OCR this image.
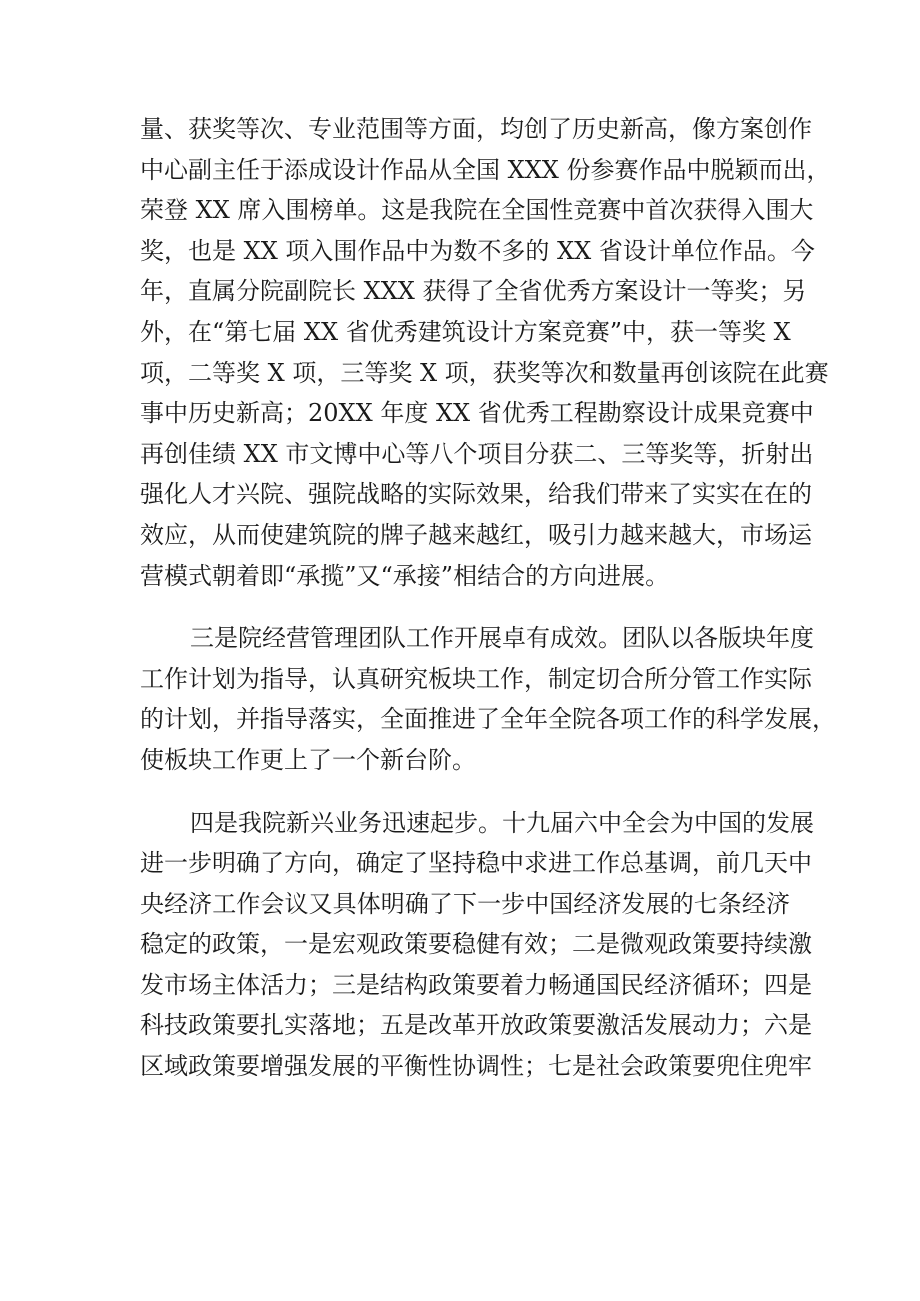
量、获奖等次、专业范围等方面，均创了历史新高，像方案创作
中心副主任于添成设计作品从全国 XXX 份参赛作品中脱颖而出，
荣登 XX 席入围榜单。这是我院在全国性竞赛中首次获得入围大
奖，也是 XX 项入围作品中为数不多的 XX 省设计单位作品。今
年，直属分院副院长 XXX 获得了全省优秀方案设计一等奖；另
外，在“第七届 XX 省优秀建筑设计方案竞赛”中，获一等奖 X
项，二等奖 X 项，三等奖 X 项，获奖等次和数量再创该院在此赛
事中历史新高；20XX 年度 XX 省优秀工程勘察设计成果竞赛中
再创佳绩 XX 市文博中心等八个项目分获二、三等奖等，折射出
强化人才兴院、强院战略的实际效果，给我们带来了实实在在的
效应，从而使建筑院的牌子越来越红，吸引力越来越大，市场运
营模式朝着即“承揽”又“承接”相结合的方向进展。
三是院经营管理团队工作开展卓有成效。团队以各版块年度
工作计划为指导，认真研究板块工作，制定切合所分管工作实际
的计划，并指导落实，全面推进了全年全院各项工作的科学发展，
使板块工作更上了一个新台阶。
四是我院新兴业务迅速起步。十九届六中全会为中国的发展
进一步明确了方向，确定了坚持稳中求进工作总基调，前几天中
央经济工作会议又具体明确了下一步中国经济发展的七条经济
稳定的政策，一是宏观政策要稳健有效；二是微观政策要持续激
发市场主体活力；三是结构政策要着力畅通国民经济循环；四是
科技政策要扎实落地；五是改革开放政策要激活发展动力；六是
区域政策要增强发展的平衡性协调性；七是社会政策要兜住兜牢
